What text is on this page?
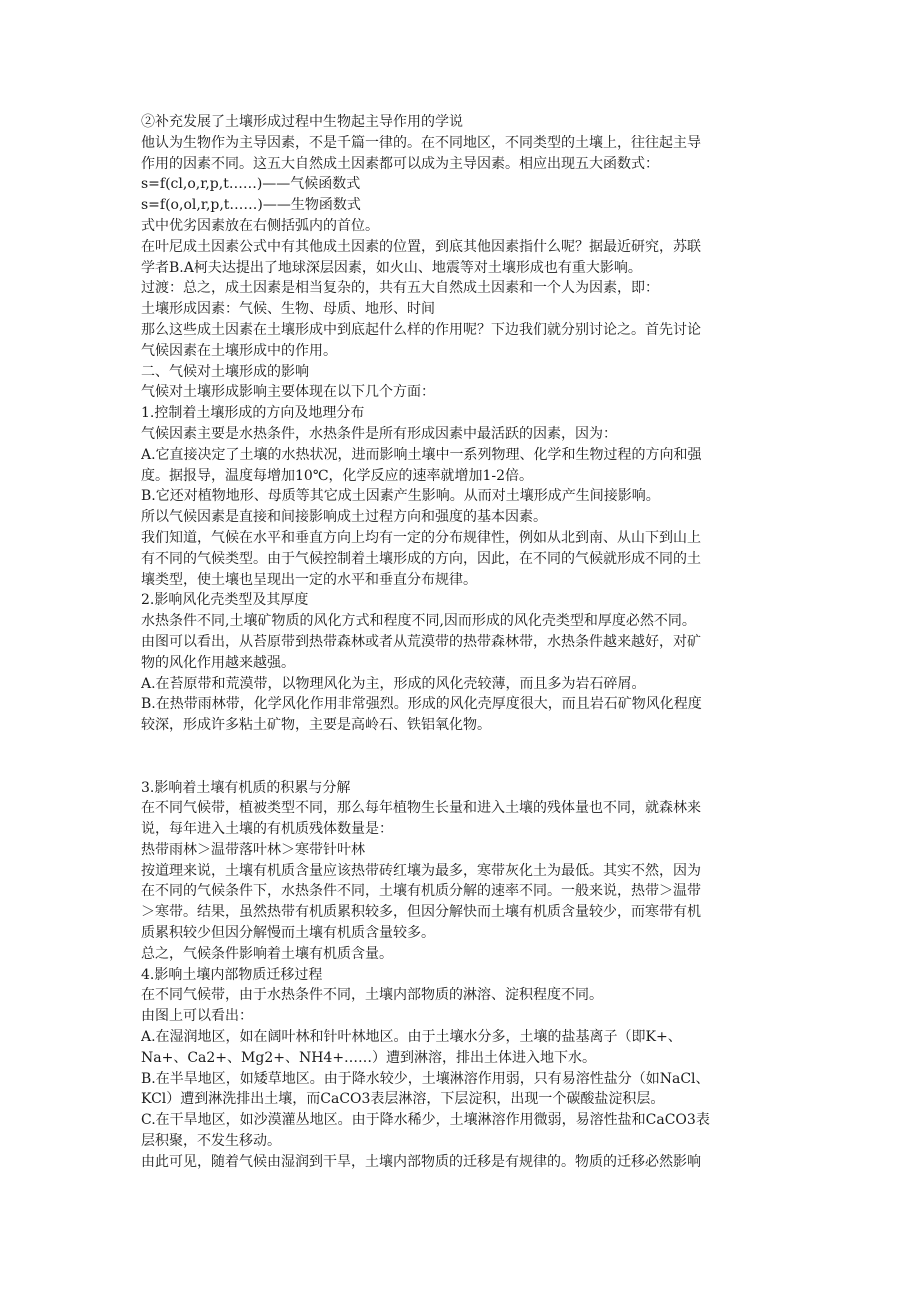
②补充发展了土壤形成过程中生物起主导作用的学说
他认为生物作为主导因素，不是千篇一律的。在不同地区，不同类型的土壤上，往往起主导
作用的因素不同。这五大自然成土因素都可以成为主导因素。相应出现五大函数式：
s=f(cl,o,r,p,t……)——气候函数式
s=f(o,ol,r,p,t……)——生物函数式
式中优劣因素放在右侧括弧内的首位。
在叶尼成土因素公式中有其他成土因素的位置，到底其他因素指什么呢？据最近研究，苏联
学者B.A柯夫达提出了地球深层因素，如火山、地震等对土壤形成也有重大影响。
过渡：总之，成土因素是相当复杂的，共有五大自然成土因素和一个人为因素，即：
土壤形成因素：气候、生物、母质、地形、时间
那么这些成土因素在土壤形成中到底起什么样的作用呢？下边我们就分别讨论之。首先讨论
气候因素在土壤形成中的作用。
二、气候对土壤形成的影响
气候对土壤形成影响主要体现在以下几个方面：
1.控制着土壤形成的方向及地理分布
气候因素主要是水热条件，水热条件是所有形成因素中最活跃的因素，因为：
A.它直接决定了土壤的水热状况，进而影响土壤中一系列物理、化学和生物过程的方向和强
度。据报导，温度每增加10℃，化学反应的速率就增加1-2倍。
B.它还对植物地形、母质等其它成土因素产生影响。从而对土壤形成产生间接影响。
所以气候因素是直接和间接影响成土过程方向和强度的基本因素。
我们知道，气候在水平和垂直方向上均有一定的分布规律性，例如从北到南、从山下到山上
有不同的气候类型。由于气候控制着土壤形成的方向，因此，在不同的气候就形成不同的土
壤类型，使土壤也呈现出一定的水平和垂直分布规律。
2.影响风化壳类型及其厚度
水热条件不同,土壤矿物质的风化方式和程度不同,因而形成的风化壳类型和厚度必然不同。
由图可以看出，从苔原带到热带森林或者从荒漠带的热带森林带，水热条件越来越好，对矿
物的风化作用越来越强。
A.在苔原带和荒漠带，以物理风化为主，形成的风化壳较薄，而且多为岩石碎屑。
B.在热带雨林带，化学风化作用非常强烈。形成的风化壳厚度很大，而且岩石矿物风化程度
较深，形成许多粘土矿物，主要是高岭石、铁铝氧化物。
3.影响着土壤有机质的积累与分解
在不同气候带，植被类型不同，那么每年植物生长量和进入土壤的残体量也不同，就森林来
说，每年进入土壤的有机质残体数量是：
热带雨林＞温带落叶林＞寒带针叶林
按道理来说，土壤有机质含量应该热带砖红壤为最多，寒带灰化土为最低。其实不然，因为
在不同的气候条件下，水热条件不同，土壤有机质分解的速率不同。一般来说，热带＞温带
＞寒带。结果，虽然热带有机质累积较多，但因分解快而土壤有机质含量较少，而寒带有机
质累积较少但因分解慢而土壤有机质含量较多。
总之，气候条件影响着土壤有机质含量。
4.影响土壤内部物质迁移过程
在不同气候带，由于水热条件不同，土壤内部物质的淋溶、淀积程度不同。
由图上可以看出：
A.在湿润地区，如在阔叶林和针叶林地区。由于土壤水分多，土壤的盐基离子（即K+、
Na+、Ca2+、Mg2+、NH4+……）遭到淋溶，排出土体进入地下水。
B.在半旱地区，如矮草地区。由于降水较少，土壤淋溶作用弱，只有易溶性盐分（如NaCl、
KCl）遭到淋洗排出土壤，而CaCO3表层淋溶，下层淀积，出现一个碳酸盐淀积层。
C.在干旱地区，如沙漠灌丛地区。由于降水稀少，土壤淋溶作用微弱，易溶性盐和CaCO3表
层积聚，不发生移动。
由此可见，随着气候由湿润到干旱，土壤内部物质的迁移是有规律的。物质的迁移必然影响
